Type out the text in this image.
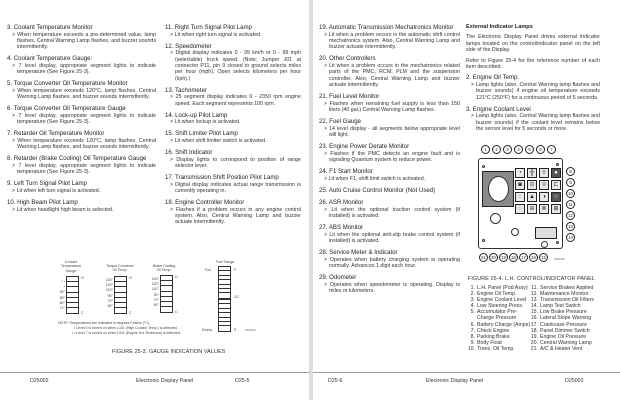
3. Coolant Temperature Monitor
> When temperature exceeds a pre-determined value, lamp flashes, Central Warning Lamp flashes, and buzzer sounds intermittently.
4. Coolant Temperature Gauge:
> 7 level display, appropriate segment lights to indicate temperature (See Figure 25-3).
5. Torque Converter Oil Temperature Monitor
> When temperature exceeds 120°C, lamp flashes, Central Warning Lamp flashes, and buzzer sounds intermittently.
6. Torque Converter Oil Temperature Gauge
> 7 level display, appropriate segment lights to indicate temperature (See Figure 25-3).
7. Retarder Oil Temperature Monitor
> When temperature exceeds 120°C, lamp flashes, Central Warning Lamp flashes, and buzzer sounds intermittently.
8. Retarder (Brake Cooling) Oil Temperature Gauge
> 7 level display, appropriate segment lights to indicate temperature (See Figure 25-3).
9. Left Turn Signal Pilot Lamp
> Lit when left turn signal is activated.
10. High Beam Pilot Lamp
> Lit when headlight high beam is selected.
11. Right Turn Signal Pilot Lamp
> Lit when right turn signal is activated.
12. Speedometer
> Digital display indicates 0 - 99 km/h or 0 - 99 mph (selectable) truck speed. (Note: Jumper J01 at connector P11, pin 9 closed to ground selects miles per hour (mph). Open selects kilometers per hour (kph).)
13. Tachometer
> 25 segment display indicates 0 - 2350 rpm engine speed. Each segment represents 100 rpm.
14. Lock-up Pilot Lamp
> Lit when lockup is activated.
15. Shift Limiter Pilot Lamp
> Lit when shift limiter switch is activated.
16. Shift Indicator
> Display lights to correspond to position of range selector lever.
17. Transmission Shift Position Pilot Lamp
> Digital display indicates actual range transmission is currently operating in.
18. Engine Controller Monitor
> Flashes if a problem occurs in any engine control system. Also, Central Warning Lamp and buzzer actuate intermittently.
Coolant
Temperature
Gauge
* *
*
90°
85°
80°
71°
H
C
Torque Converter
Oil Temp.
130°
120°
110°
90°
70°
50°
H
C
Brake Cooling
Oil Temp.
130°
120°
110°
90°
70°
50°
H
C
Fuel Gauge
Full	F
1/2
E
Empty	D25002A
NOTE: Temperatures are indicated in degrees Celsius (°C).
• Level 6 is turned on when L151 (High Coolant Temp.) is detected.
• • Level 7 is turned on when L611 (Engine Hot Shutdown) is detected.
FIGURE 25-3. GAUGE INDICATION VALUES
D25002	Electronic Display Panel	D25-5
19. Automatic Transmission Mechatronics Monitor
> Lit when a problem occurs in the automatic shift control mechatronics system. Also, Central Warning Lamp and buzzer actuate intermittently.
20. Other Controllers
> Lit when a problem occurs in the mechatronics related parts of the PMC, RCM, PLM and the suspension controller. Also, Central Warning Lamp and buzzer actuate intermittently.
21. Fuel Level Monitor
> Flashes when remaining fuel supply is less than 150 liters (40 gal.) Central Warning Lamp flashes.
22. Fuel Gauge
> 14 level display - all segments below appropriate level will light.
23. Engine Power Derate Monitor
> Flashes if the PMC detects an engine fault and is signaling Quantum system to reduce power.
24. F1 Start Monitor
> Lit when F1, shift limit switch is activated.
25. Auto Cruise Control Monitor (Not Used)
26. ASR Monitor
> Lit when the optional traction control system (if installed) is activated.
27. ABS Monitor
> Lit when the optional anti-slip brake control system (if installed) is activated.
28. Service Meter & Indicator
> Operates when battery charging system is operating normally. Advances 1 digit each hour.
29. Odometer
> Operates when speedometer is operating. Display is miles or kilometers.
External Indicator Lamps
The Electronic Display Panel drives external indicator lamps located on the control/indicator panel on the left side of the Display.
Refer to Figure 25-4 for the reference number of each item described.
2. Engine Oil Temp.
> Lamp lights (also, Central Warning lamp flashes and buzzer sounds) if engine oil temperature exceeds 121°C (250°F) for a continuous period of 5 seconds.
3. Engine Coolant Level
> Lamp lights (also, Central Warning lamp flashes and buzzer sounds) if the coolant level remains below the sensor level for 5 seconds or more.
D25-6	Electronic Display Panel	D25002
1	2	3	4	5	6	7
◔	╬	◊	●
◙	⊙	≡	⊏
◌	▲	◑	○
◌	⊖	⊚	⊞
8
9
10
11
12
13
14
21	20	19	18	17	16	15	H050058
FIGURE 25-4. L.H. CONTROL/INDICATOR PANEL
1. L.H. Panel (Pod Assy)
2. Engine Oil Temp.
3. Engine Coolant Level
4. Low Steering Press.
5. Accumulator Pre-
Charge Pressure
6. Battery Charge (Amps)
7. Check Engine
8. Parking Brake
9. Body Float
10. Trans. Oil Temp.
11. Service Brakes Applied
12. Maintenance Monitor
13. Transmission Oil Filters
14. Lamp Test Switch
15. Low Brake Pressure
16. Lateral Slope Warning
17. Crankcase Pressure
18. Panel Dimmer Switch
19. Engine Oil Pressure
20. Central Warning Lamp
21. A/C & Heater Vent
